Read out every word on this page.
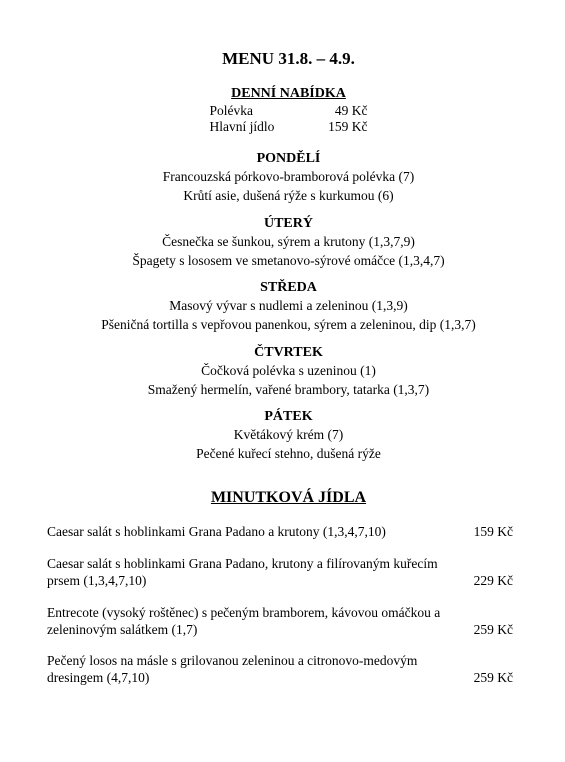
MENU 31.8. – 4.9.
DENNÍ NABÍDKA
Polévka	49 Kč
Hlavní jídlo	159 Kč
PONDĚLÍ
Francouzská pórkovo-bramborová polévka (7)
Krůtí asie, dušená rýže s kurkumou (6)
ÚTERÝ
Česnečka se šunkou, sýrem a krutony (1,3,7,9)
Špagety s lososem ve smetanovo-sýrové omáčce (1,3,4,7)
STŘEDA
Masový vývar s nudlemi a zeleninou (1,3,9)
Pšeničná tortilla s vepřovou panenkou, sýrem a zeleninou, dip (1,3,7)
ČTVRTEK
Čočková polévka s uzeninou (1)
Smažený hermelín, vařené brambory, tatarka (1,3,7)
PÁTEK
Květákový krém (7)
Pečené kuřecí stehno, dušená rýže
MINUTKOVÁ JÍDLA
Caesar salát s hoblinkami Grana Padano a krutony (1,3,4,7,10)	159 Kč
Caesar salát s hoblinkami Grana Padano, krutony a filírovaným kuřecím prsem (1,3,4,7,10)	229 Kč
Entrecote (vysoký roštěnec) s pečeným bramborem, kávovou omáčkou a zeleninovým salátkem (1,7)	259 Kč
Pečený losos na másle s grilovanou zeleninou a citronovo-medovým dresingem (4,7,10)	259 Kč
